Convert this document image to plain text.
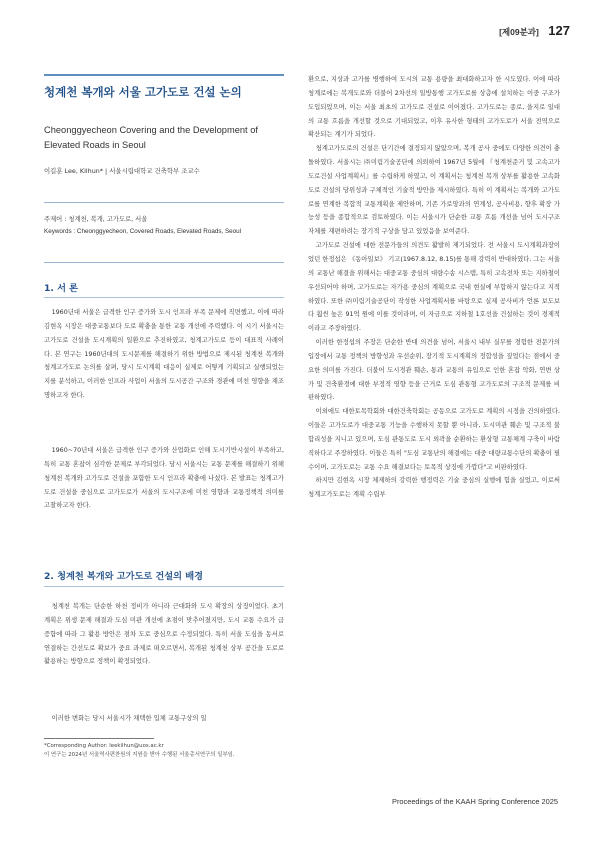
[제09분과] 127
청계천 복개와 서울 고가도로 건설 논의
Cheonggyecheon Covering and the Development of Elevated Roads in Seoul
이길훈 Lee, Kilhun* | 서울시립대학교 건축학부 조교수
주제어 : 청계천, 복개, 고가도로, 서울
Keywords : Cheonggyecheon, Covered Roads, Elevated Roads, Seoul
1. 서 론

1960년대 서울은 급격한 인구 증가와 도시 인프라 부족 문제에 직면했고, 이에 따라 김현옥 시장은 대중교통보다 도로 확충을 통한 교통 개선에 주력했다. 이 시기 서울시는 고가도로 건설을 도시계획의 일환으로 추진하였고, 청계고가도로 등이 대표적 사례이다. 본 연구는 1960년대의 도시문제를 해결하기 위한 방법으로 제시된 청계천 복개와 청계고가도로 논의를 살펴, 당시 도시계획 대응이 실제로 어떻게 기획되고 실행되었는지를 분석하고, 이러한 인프라 사업이 서울의 도시공간 구조와 경관에 미친 영향을 재조명하고자 한다.

1960~70년대 서울은 급격한 인구 증가와 산업화로 인해 도시기반시설이 부족하고, 특히 교통 혼잡이 심각한 문제로 부각되었다. 당시 서울시는 교통 문제를 해결하기 위해 청계천 복개와 고가도로 건설을 포함한 도시 인프라 확충에 나섰다. 본 발표는 청계고가도로 건설을 중심으로 고가도로가 서울의 도시구조에 미친 영향과 교통정책적 의미를 고찰하고자 한다.

2. 청계천 복개와 고가도로 건설의 배경

청계천 복개는 단순한 하천 정비가 아니라 근대화와 도시 확장의 상징이었다. 초기 계획은 위생 문제 해결과 도심 미관 개선에 초점이 맞추어졌지만, 도시 교통 수요가 급증함에 따라 그 활용 방안은 점차 도로 중심으로 수정되었다. 특히 서울 도심을 동서로 연결하는 간선도로 확보가 중요 과제로 떠오르면서, 복개된 청계천 상부 공간을 도로로 활용하는 방향으로 정책이 확정되었다.

이러한 변화는 당시 서울시가 채택한 입체 교통구상의 일

환으로, 지상과 고가를 병행하여 도시의 교통 용량을 최대화하고자 한 시도였다. 이에 따라 청계로에는 복개도로와 더불어 2차선의 일방통행 고가도로를 상층에 설치하는 이중 구조가 도입되었으며, 이는 서울 최초의 고가도로 건설로 이어졌다. 고가도로는 종로, 을지로 일대의 교통 흐름을 개선할 것으로 기대되었고, 이후 유사한 형태의 고가도로가 서울 전역으로 확산되는 계기가 되었다.

청계고가도로의 건설은 단기간에 결정되지 않았으며, 복개 공사 중에도 다양한 의견이 충돌하였다. 서울시는 ㈜미림기술공단에 의뢰하여 1967년 5월에 『청계천준거 및 고속고가도로건설 사업계획서』를 수립하게 하였고, 이 계획서는 청계천 복개 상부를 활용한 고속화도로 건설의 당위성과 구체적인 기술적 방안을 제시하였다. 특히 이 계획서는 복개와 고가도로를 연계한 복합적 교통계획을 제안하며, 기존 가로망과의 연계성, 공사비용, 향후 확장 가능성 등을 종합적으로 검토하였다. 이는 서울시가 단순한 교통 흐름 개선을 넘어 도시구조 자체를 재편하려는 장기적 구상을 담고 있었음을 보여준다.

고가도로 건설에 대한 전문가들의 의견도 활발히 제기되었다. 전 서울시 도시계획과장이었던 한정섭은 《동아일보》 기고(1967.8.12, 8.15)를 통해 강력히 반대하였다. 그는 서울의 교통난 해결을 위해서는 대중교통 중심의 대량수송 시스템, 특히 고속전차 또는 지하철이 우선되어야 하며, 고가도로는 자가용 중심의 계획으로 국내 현실에 부합하지 않는다고 지적하였다. 또한 ㈜미림기술공단이 작성한 사업계획서를 바탕으로 실제 공사비가 언론 보도보다 훨씬 높은 91억 원에 이를 것이라며, 이 자금으로 지하철 1호선을 건설하는 것이 경제적이라고 주장하였다.

이러한 한정섭의 주장은 단순한 반대 의견을 넘어, 서울시 내부 실무를 경험한 전문가의 입장에서 교통 정책의 방향성과 우선순위, 장기적 도시계획의 정합성을 짚었다는 점에서 중요한 의미를 가진다. 더불어 도시경관 훼손, 통과 교통의 유입으로 인한 혼잡 악화, 연변 상가 및 건축환경에 대한 부정적 영향 등을 근거로 도심 관통형 고가도로의 구조적 문제를 비판하였다.

이외에도 대한토목학회와 대한건축학회는 공동으로 고가도로 계획의 시정을 건의하였다. 이들은 고가도로가 대중교통 기능을 수행하지 못할 뿐 아니라, 도시미관 훼손 및 구조적 불합리성을 지니고 있으며, 도심 관통도로 도시 외곽을 순환하는 환상형 교통체계 구축이 바람직하다고 주장하였다. 이들은 특히 "도심 교통난의 해결에는 대중 대량교통수단의 확충이 필수이며, 고가도로는 교통 수요 해결보다는 토목적 상징에 가깝다"고 비판하였다.

하지만 김현옥 시장 체제하의 강력한 행정력은 기술 중심의 실행에 힘을 실었고, 이로써 청계고가도로는 계획 수립부

*Corresponding Author: leekilhun@uos.ac.kr
이 연구는 2024년 서울역사편찬원의 지원을 받아 수행된 서울총서연구의 일부임.
Proceedings of the KAAH Spring Conference 2025
